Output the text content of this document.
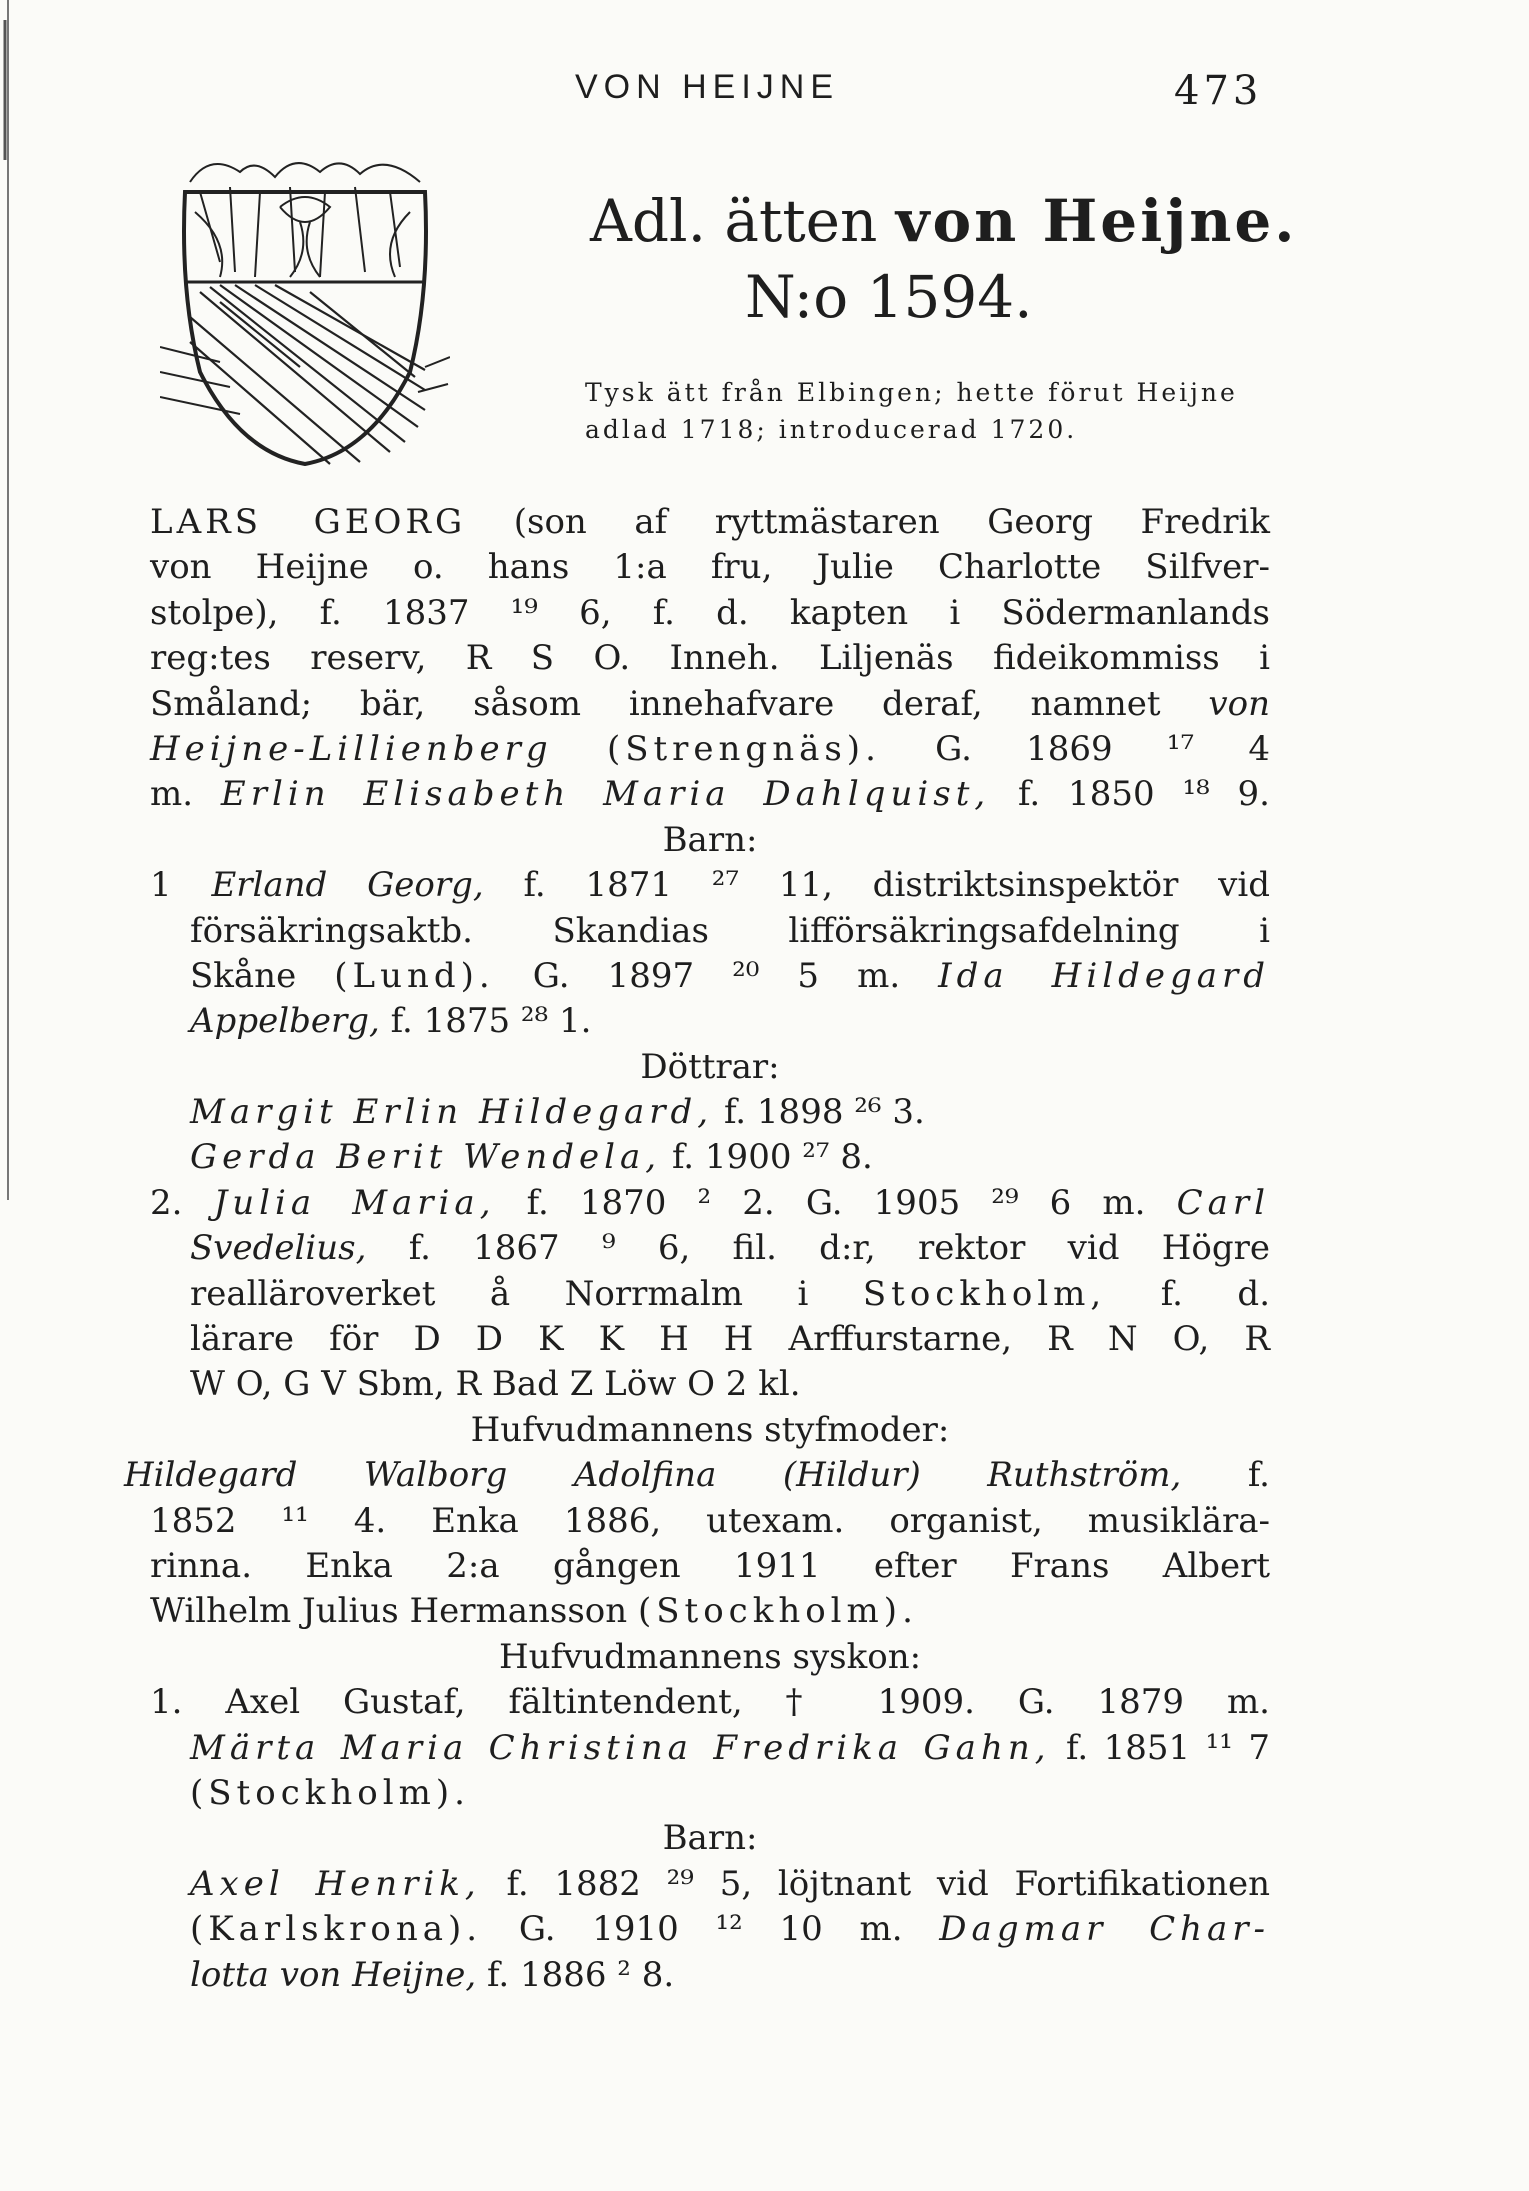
VON HEIJNE	473
Adl. ätten von Heijne.
N:o 1594.
Tysk ätt från Elbingen; hette förut Heijne
adlad 1718; introducerad 1720.
LARS GEORG (son af ryttmästaren Georg Fredrik
von Heijne o. hans 1:a fru, Julie Charlotte Silfver-
stolpe), f. 1837 ¹⁹ 6, f. d. kapten i Södermanlands
reg:tes reserv, R S O. Inneh. Liljenäs fideikommiss i
Småland; bär, såsom innehafvare deraf, namnet von
Heijne-Lillienberg (Strengnäs). G. 1869 ¹⁷ 4
m. Erlin Elisabeth Maria Dahlquist, f. 1850 ¹⁸ 9.
Barn:
1 Erland Georg, f. 1871 ²⁷ 11, distriktsinspektör vid
försäkringsaktb. Skandias lifförsäkringsafdelning i
Skåne (Lund). G. 1897 ²⁰ 5 m. Ida Hildegard
Appelberg, f. 1875 ²⁸ 1.
Döttrar:
Margit Erlin Hildegard, f. 1898 ²⁶ 3.
Gerda Berit Wendela, f. 1900 ²⁷ 8.
2. Julia Maria, f. 1870 ² 2. G. 1905 ²⁹ 6 m. Carl
Svedelius, f. 1867 ⁹ 6, fil. d:r, rektor vid Högre
realläroverket å Norrmalm i Stockholm, f. d.
lärare för D D K K H H Arffurstarne, R N O, R
W O, G V Sbm, R Bad Z Löw O 2 kl.
Hufvudmannens styfmoder:
Hildegard Walborg Adolfina (Hildur) Ruthström, f.
1852 ¹¹ 4. Enka 1886, utexam. organist, musiklära-
rinna. Enka 2:a gången 1911 efter Frans Albert
Wilhelm Julius Hermansson (Stockholm).
Hufvudmannens syskon:
1. Axel Gustaf, fältintendent, † 1909. G. 1879 m.
Märta Maria Christina Fredrika Gahn, f. 1851 ¹¹ 7
(Stockholm).
Barn:
Axel Henrik, f. 1882 ²⁹ 5, löjtnant vid Fortifikationen
(Karlskrona). G. 1910 ¹² 10 m. Dagmar Char-
lotta von Heijne, f. 1886 ² 8.
